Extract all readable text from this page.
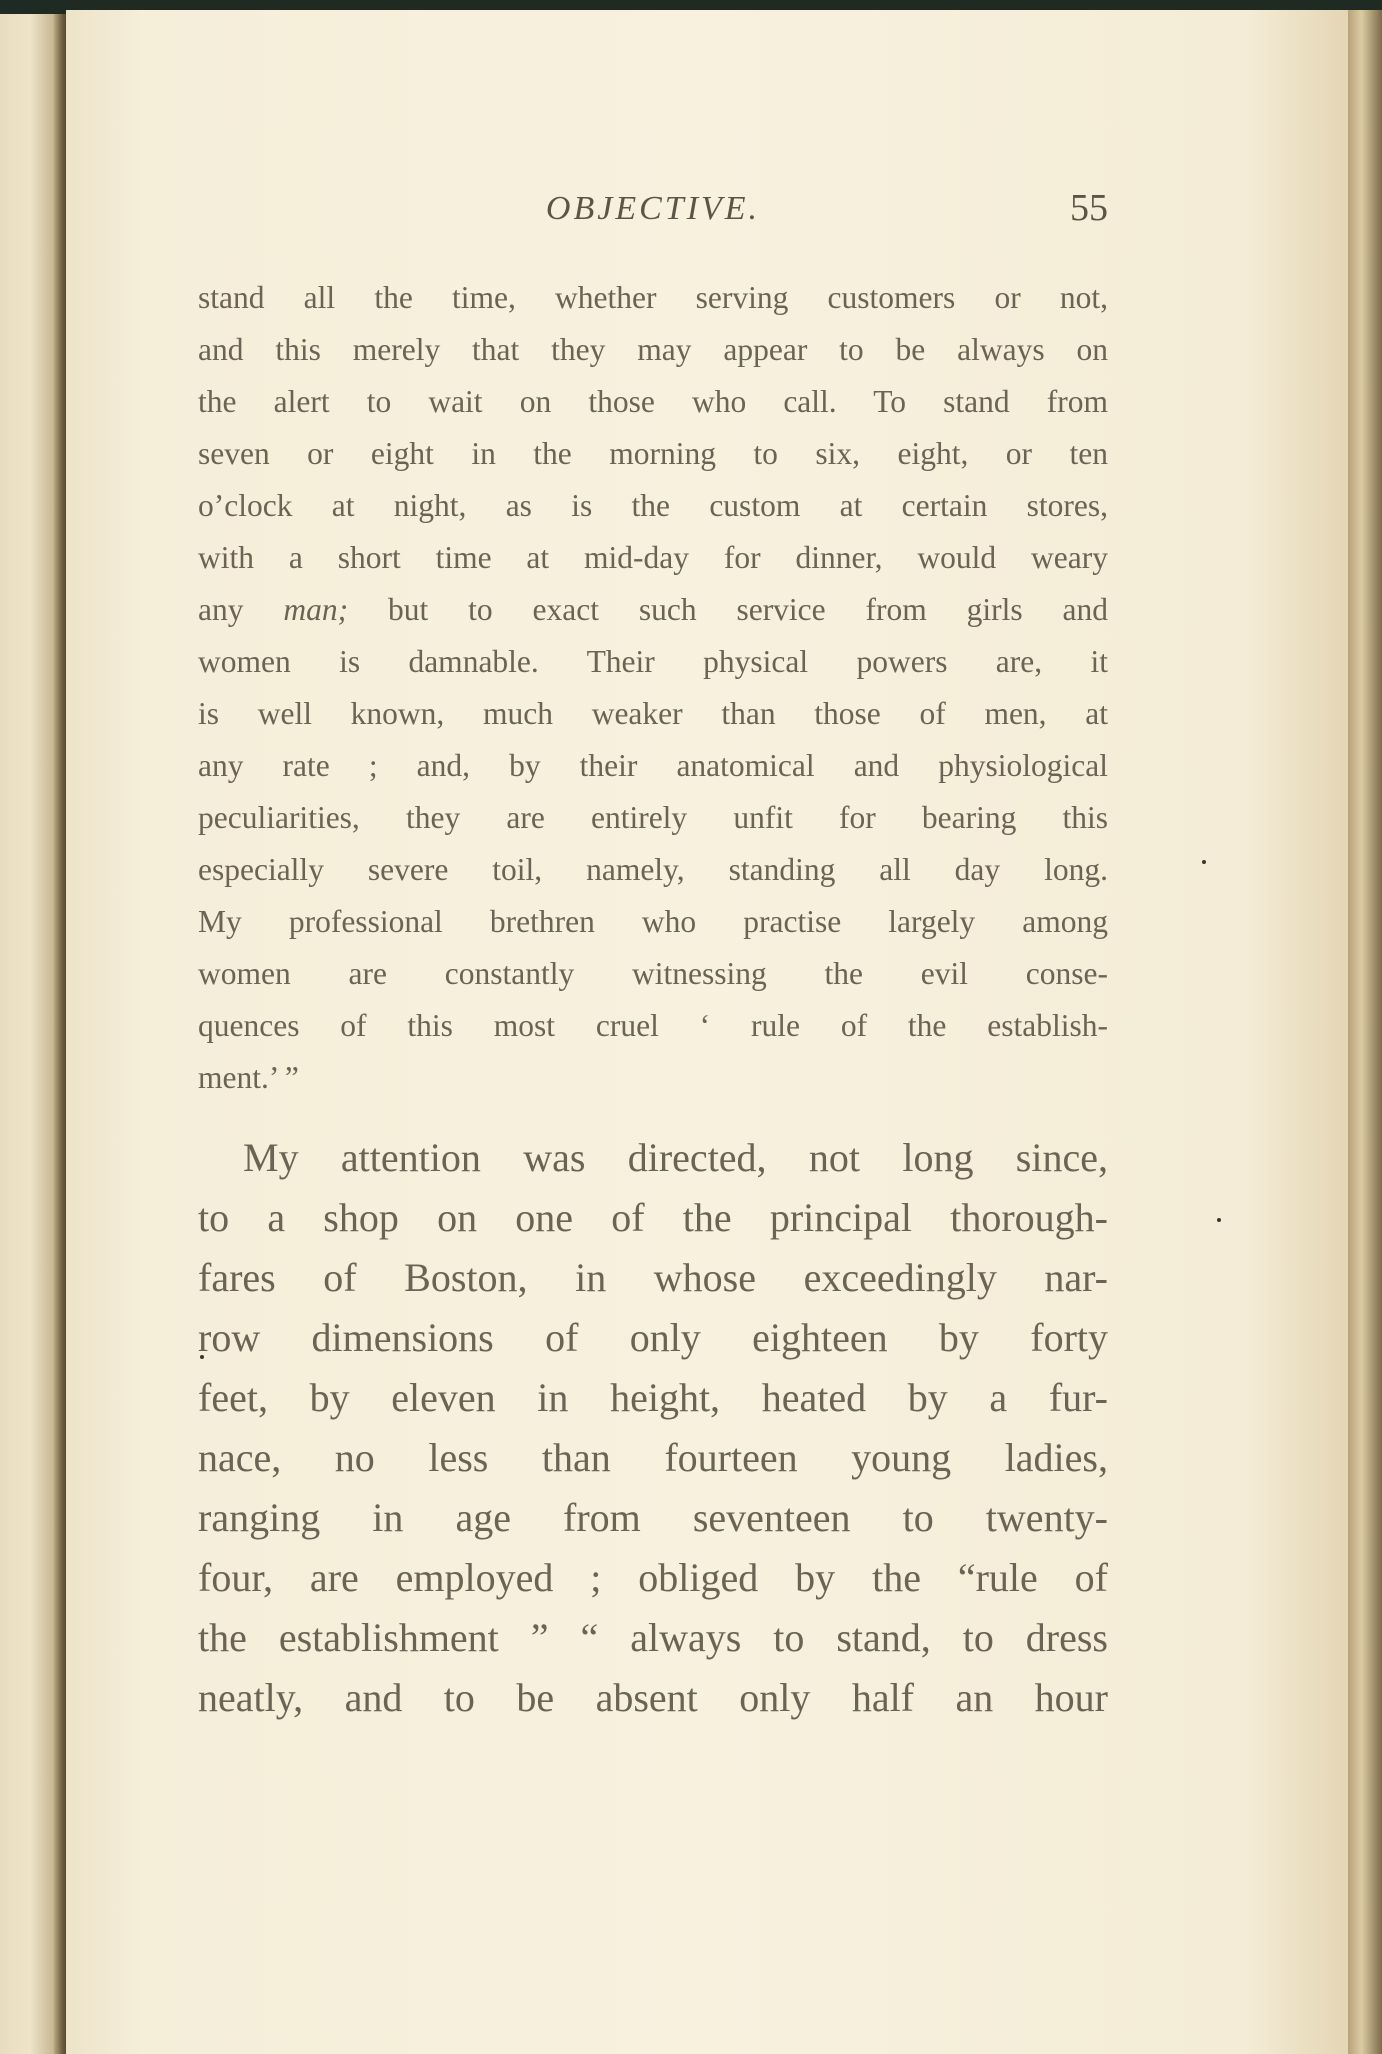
OBJECTIVE.	55
stand all the time, whether serving customers or not,
and this merely that they may appear to be always on
the alert to wait on those who call. To stand from
seven or eight in the morning to six, eight, or ten
o’clock at night, as is the custom at certain stores,
with a short time at mid-day for dinner, would weary
any man; but to exact such service from girls and
women is damnable. Their physical powers are, it
is well known, much weaker than those of men, at
any rate ; and, by their anatomical and physiological
peculiarities, they are entirely unfit for bearing this
especially severe toil, namely, standing all day long.
My professional brethren who practise largely among
women are constantly witnessing the evil conse-
quences of this most cruel ‘ rule of the establish-
ment.’ ”
My attention was directed, not long since,
to a shop on one of the principal thorough-
fares of Boston, in whose exceedingly nar-
row dimensions of only eighteen by forty
feet, by eleven in height, heated by a fur-
nace, no less than fourteen young ladies,
ranging in age from seventeen to twenty-
four, are employed ; obliged by the “rule of
the establishment ” “ always to stand, to dress
neatly, and to be absent only half an hour
